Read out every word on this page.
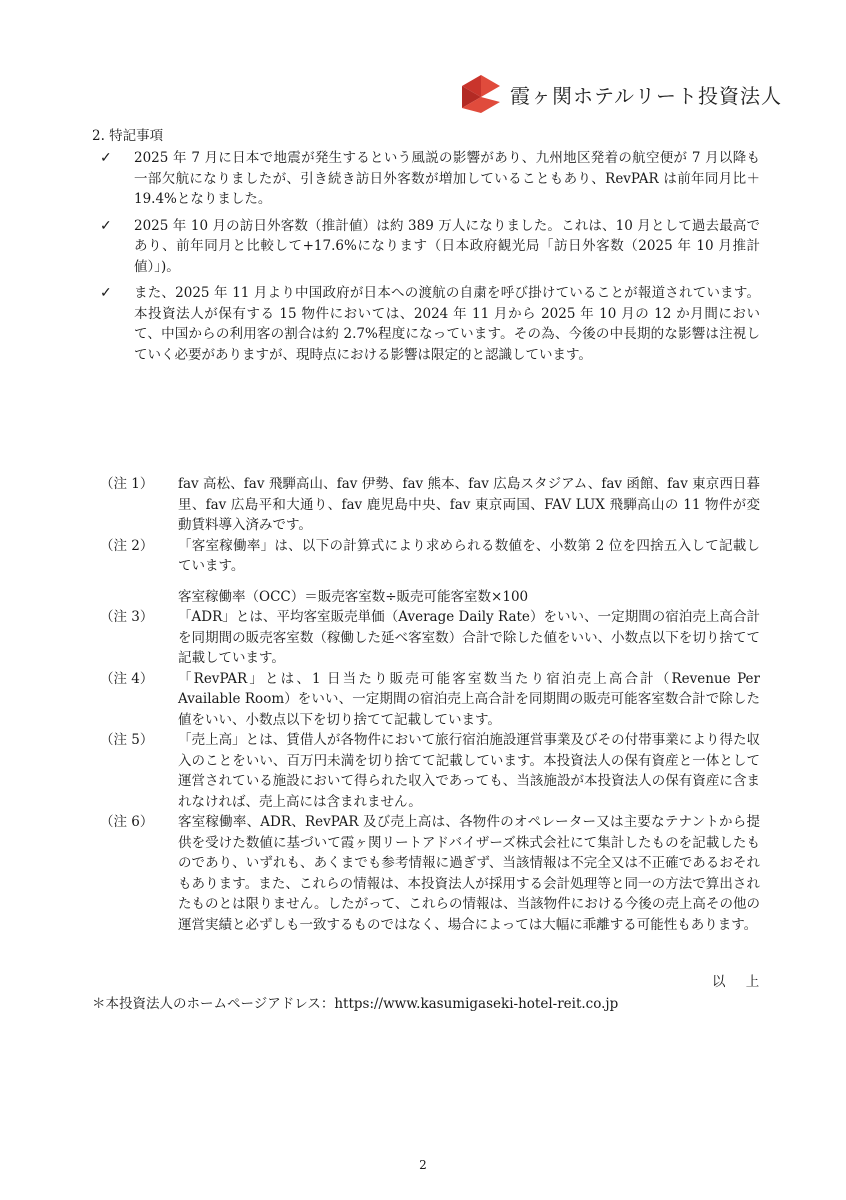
霞ヶ関ホテルリート投資法人
2. 特記事項
✓	2025 年 7 月に日本で地震が発生するという風説の影響があり、九州地区発着の航空便が 7 月以降も一部欠航になりましたが、引き続き訪日外客数が増加していることもあり、RevPAR は前年同月比＋19.4%となりました。
✓	2025 年 10 月の訪日外客数（推計値）は約 389 万人になりました。これは、10 月として過去最高であり、前年同月と比較して+17.6%になります（日本政府観光局「訪日外客数（2025 年 10 月推計値）」)。
✓	また、2025 年 11 月より中国政府が日本への渡航の自粛を呼び掛けていることが報道されています。本投資法人が保有する 15 物件においては、2024 年 11 月から 2025 年 10 月の 12 か月間において、中国からの利用客の割合は約 2.7%程度になっています。その為、今後の中長期的な影響は注視していく必要がありますが、現時点における影響は限定的と認識しています。
（注 1）	fav 高松、fav 飛騨高山、fav 伊勢、fav 熊本、fav 広島スタジアム、fav 函館、fav 東京西日暮里、fav 広島平和大通り、fav 鹿児島中央、fav 東京両国、FAV LUX 飛騨高山の 11 物件が変動賃料導入済みです。
（注 2）	「客室稼働率」は、以下の計算式により求められる数値を、小数第 2 位を四捨五入して記載しています。
客室稼働率（OCC）＝販売客室数÷販売可能客室数×100
（注 3）	「ADR」とは、平均客室販売単価（Average Daily Rate）をいい、一定期間の宿泊売上高合計を同期間の販売客室数（稼働した延べ客室数）合計で除した値をいい、小数点以下を切り捨てて記載しています。
（注 4）	「RevPAR」とは、1 日当たり販売可能客室数当たり宿泊売上高合計（Revenue Per Available Room）をいい、一定期間の宿泊売上高合計を同期間の販売可能客室数合計で除した値をいい、小数点以下を切り捨てて記載しています。
（注 5）	「売上高」とは、賃借人が各物件において旅行宿泊施設運営事業及びその付帯事業により得た収入のことをいい、百万円未満を切り捨てて記載しています。本投資法人の保有資産と一体として運営されている施設において得られた収入であっても、当該施設が本投資法人の保有資産に含まれなければ、売上高には含まれません。
（注 6）	客室稼働率、ADR、RevPAR 及び売上高は、各物件のオペレーター又は主要なテナントから提供を受けた数値に基づいて霞ヶ関リートアドバイザーズ株式会社にて集計したものを記載したものであり、いずれも、あくまでも参考情報に過ぎず、当該情報は不完全又は不正確であるおそれもあります。また、これらの情報は、本投資法人が採用する会計処理等と同一の方法で算出されたものとは限りません。したがって、これらの情報は、当該物件における今後の売上高その他の運営実績と必ずしも一致するものではなく、場合によっては大幅に乖離する可能性もあります。
以 上
＊本投資法人のホームページアドレス：https://www.kasumigaseki-hotel-reit.co.jp
2
